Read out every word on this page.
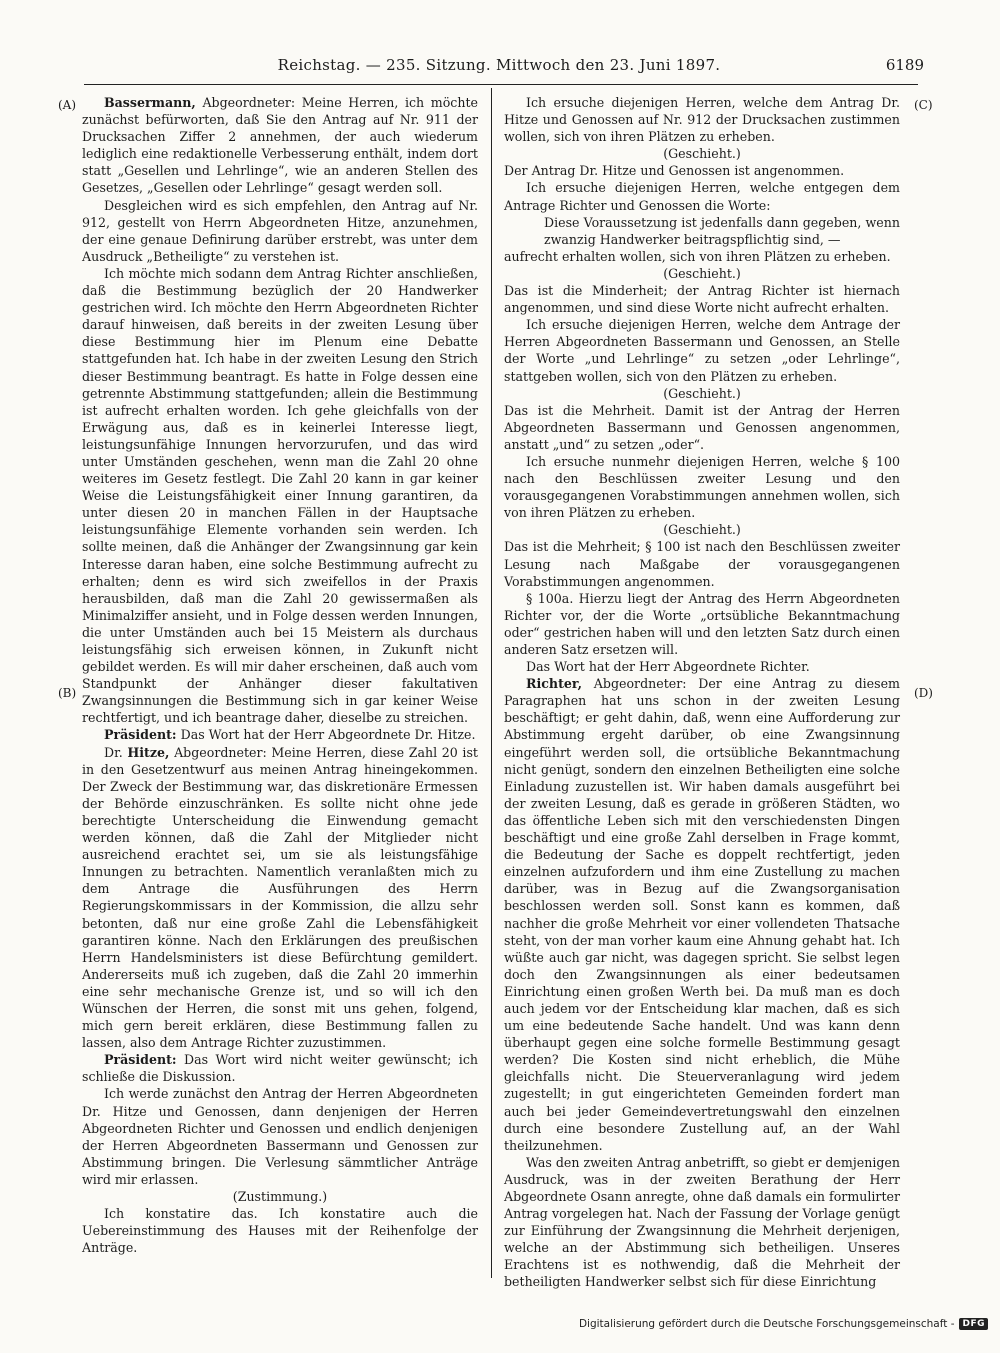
Reichstag. — 235. Sitzung. Mittwoch den 23. Juni 1897.	6189
(A)
(B)
(C)
(D)

Bassermann, Abgeordneter: Meine Herren, ich möchte zunächst befürworten, daß Sie den Antrag auf Nr. 911 der Drucksachen Ziffer 2 annehmen, der auch wiederum lediglich eine redaktionelle Verbesserung enthält, indem dort statt „Gesellen und Lehrlinge“, wie an anderen Stellen des Gesetzes, „Gesellen oder Lehrlinge“ gesagt werden soll.

Desgleichen wird es sich empfehlen, den Antrag auf Nr. 912, gestellt von Herrn Abgeordneten Hitze, anzunehmen, der eine genaue Definirung darüber erstrebt, was unter dem Ausdruck „Betheiligte“ zu verstehen ist.

Ich möchte mich sodann dem Antrag Richter anschließen, daß die Bestimmung bezüglich der 20 Handwerker gestrichen wird. Ich möchte den Herrn Abgeordneten Richter darauf hinweisen, daß bereits in der zweiten Lesung über diese Bestimmung hier im Plenum eine Debatte stattgefunden hat. Ich habe in der zweiten Lesung den Strich dieser Bestimmung beantragt. Es hatte in Folge dessen eine getrennte Abstimmung stattgefunden; allein die Bestimmung ist aufrecht erhalten worden. Ich gehe gleichfalls von der Erwägung aus, daß es in keinerlei Interesse liegt, leistungsunfähige Innungen hervorzurufen, und das wird unter Umständen geschehen, wenn man die Zahl 20 ohne weiteres im Gesetz festlegt. Die Zahl 20 kann in gar keiner Weise die Leistungsfähigkeit einer Innung garantiren, da unter diesen 20 in manchen Fällen in der Hauptsache leistungsunfähige Elemente vorhanden sein werden. Ich sollte meinen, daß die Anhänger der Zwangsinnung gar kein Interesse daran haben, eine solche Bestimmung aufrecht zu erhalten; denn es wird sich zweifellos in der Praxis herausbilden, daß man die Zahl 20 gewissermaßen als Minimalziffer ansieht, und in Folge dessen werden Innungen, die unter Umständen auch bei 15 Meistern als durchaus leistungsfähig sich erweisen können, in Zukunft nicht gebildet werden. Es will mir daher erscheinen, daß auch vom Standpunkt der Anhänger dieser fakultativen Zwangsinnungen die Bestimmung sich in gar keiner Weise rechtfertigt, und ich beantrage daher, dieselbe zu streichen.

Präsident: Das Wort hat der Herr Abgeordnete Dr. Hitze.

Dr. Hitze, Abgeordneter: Meine Herren, diese Zahl 20 ist in den Gesetzentwurf aus meinen Antrag hineingekommen. Der Zweck der Bestimmung war, das diskretionäre Ermessen der Behörde einzuschränken. Es sollte nicht ohne jede berechtigte Unterscheidung die Einwendung gemacht werden können, daß die Zahl der Mitglieder nicht ausreichend erachtet sei, um sie als leistungsfähige Innungen zu betrachten. Namentlich veranlaßten mich zu dem Antrage die Ausführungen des Herrn Regierungskommissars in der Kommission, die allzu sehr betonten, daß nur eine große Zahl die Lebensfähigkeit garantiren könne. Nach den Erklärungen des preußischen Herrn Handelsministers ist diese Befürchtung gemildert. Andererseits muß ich zugeben, daß die Zahl 20 immerhin eine sehr mechanische Grenze ist, und so will ich den Wünschen der Herren, die sonst mit uns gehen, folgend, mich gern bereit erklären, diese Bestimmung fallen zu lassen, also dem Antrage Richter zuzustimmen.

Präsident: Das Wort wird nicht weiter gewünscht; ich schließe die Diskussion.

Ich werde zunächst den Antrag der Herren Abgeordneten Dr. Hitze und Genossen, dann denjenigen der Herren Abgeordneten Richter und Genossen und endlich denjenigen der Herren Abgeordneten Bassermann und Genossen zur Abstimmung bringen. Die Verlesung sämmtlicher Anträge wird mir erlassen.

(Zustimmung.)

Ich konstatire das. Ich konstatire auch die Uebereinstimmung des Hauses mit der Reihenfolge der Anträge.

Ich ersuche diejenigen Herren, welche dem Antrag Dr. Hitze und Genossen auf Nr. 912 der Drucksachen zustimmen wollen, sich von ihren Plätzen zu erheben.

(Geschieht.)

Der Antrag Dr. Hitze und Genossen ist angenommen.

Ich ersuche diejenigen Herren, welche entgegen dem Antrage Richter und Genossen die Worte:

Diese Voraussetzung ist jedenfalls dann gegeben, wenn zwanzig Handwerker beitragspflichtig sind, —

aufrecht erhalten wollen, sich von ihren Plätzen zu erheben.

(Geschieht.)

Das ist die Minderheit; der Antrag Richter ist hiernach angenommen, und sind diese Worte nicht aufrecht erhalten.

Ich ersuche diejenigen Herren, welche dem Antrage der Herren Abgeordneten Bassermann und Genossen, an Stelle der Worte „und Lehrlinge“ zu setzen „oder Lehrlinge“, stattgeben wollen, sich von den Plätzen zu erheben.

(Geschieht.)

Das ist die Mehrheit. Damit ist der Antrag der Herren Abgeordneten Bassermann und Genossen angenommen, anstatt „und“ zu setzen „oder“.

Ich ersuche nunmehr diejenigen Herren, welche § 100 nach den Beschlüssen zweiter Lesung und den vorausgegangenen Vorabstimmungen annehmen wollen, sich von ihren Plätzen zu erheben.

(Geschieht.)

Das ist die Mehrheit; § 100 ist nach den Beschlüssen zweiter Lesung nach Maßgabe der vorausgegangenen Vorabstimmungen angenommen.

§ 100a. Hierzu liegt der Antrag des Herrn Abgeordneten Richter vor, der die Worte „ortsübliche Bekanntmachung oder“ gestrichen haben will und den letzten Satz durch einen anderen Satz ersetzen will.

Das Wort hat der Herr Abgeordnete Richter.

Richter, Abgeordneter: Der eine Antrag zu diesem Paragraphen hat uns schon in der zweiten Lesung beschäftigt; er geht dahin, daß, wenn eine Aufforderung zur Abstimmung ergeht darüber, ob eine Zwangsinnung eingeführt werden soll, die ortsübliche Bekanntmachung nicht genügt, sondern den einzelnen Betheiligten eine solche Einladung zuzustellen ist. Wir haben damals ausgeführt bei der zweiten Lesung, daß es gerade in größeren Städten, wo das öffentliche Leben sich mit den verschiedensten Dingen beschäftigt und eine große Zahl derselben in Frage kommt, die Bedeutung der Sache es doppelt rechtfertigt, jeden einzelnen aufzufordern und ihm eine Zustellung zu machen darüber, was in Bezug auf die Zwangsorganisation beschlossen werden soll. Sonst kann es kommen, daß nachher die große Mehrheit vor einer vollendeten Thatsache steht, von der man vorher kaum eine Ahnung gehabt hat. Ich wüßte auch gar nicht, was dagegen spricht. Sie selbst legen doch den Zwangsinnungen als einer bedeutsamen Einrichtung einen großen Werth bei. Da muß man es doch auch jedem vor der Entscheidung klar machen, daß es sich um eine bedeutende Sache handelt. Und was kann denn überhaupt gegen eine solche formelle Bestimmung gesagt werden? Die Kosten sind nicht erheblich, die Mühe gleichfalls nicht. Die Steuerveranlagung wird jedem zugestellt; in gut eingerichteten Gemeinden fordert man auch bei jeder Gemeindevertretungswahl den einzelnen durch eine besondere Zustellung auf, an der Wahl theilzunehmen.

Was den zweiten Antrag anbetrifft, so giebt er demjenigen Ausdruck, was in der zweiten Berathung der Herr Abgeordnete Osann anregte, ohne daß damals ein formulirter Antrag vorgelegen hat. Nach der Fassung der Vorlage genügt zur Einführung der Zwangsinnung die Mehrheit derjenigen, welche an der Abstimmung sich betheiligen. Unseres Erachtens ist es nothwendig, daß die Mehrheit der betheiligten Handwerker selbst sich für diese Einrichtung

Digitalisierung gefördert durch die Deutsche Forschungsgemeinschaft - DFG
